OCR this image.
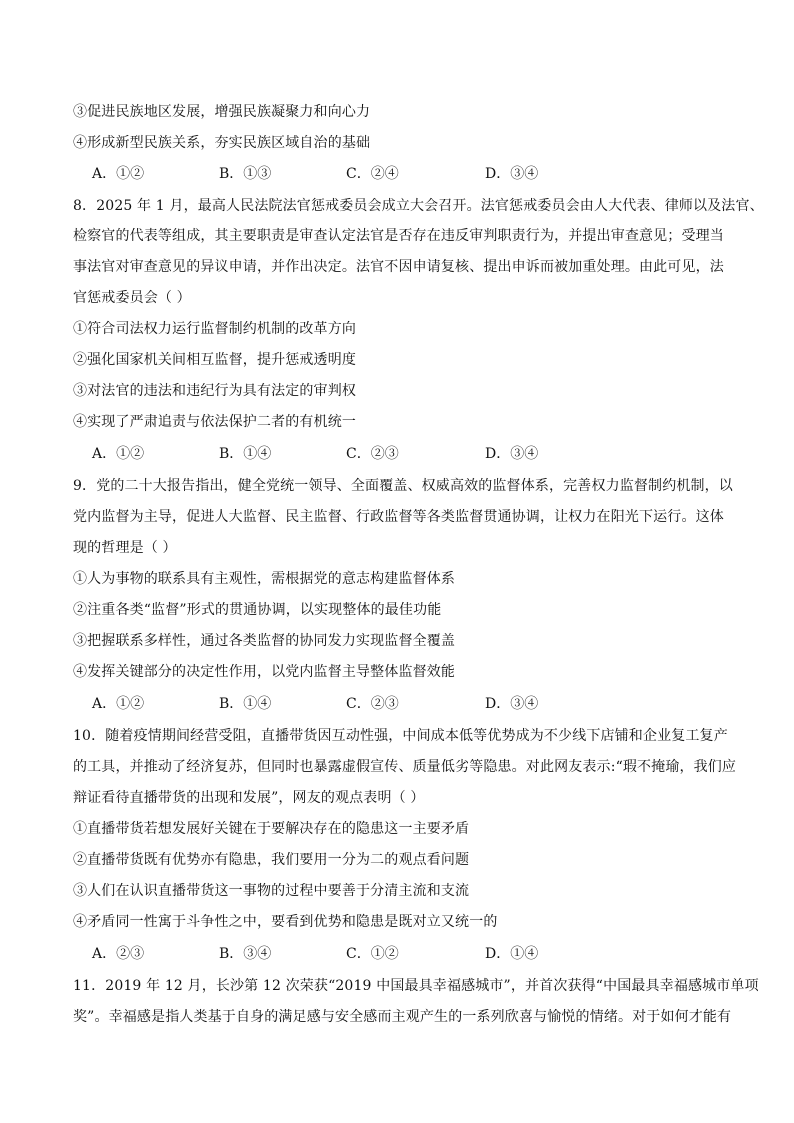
③促进民族地区发展，增强民族凝聚力和向心力
④形成新型民族关系，夯实民族区域自治的基础
A．①②	B．①③	C．②④	D．③④
8．2025 年 1 月，最高人民法院法官惩戒委员会成立大会召开。法官惩戒委员会由人大代表、律师以及法官、
检察官的代表等组成，其主要职责是审查认定法官是否存在违反审判职责行为，并提出审查意见；受理当
事法官对审查意见的异议申请，并作出决定。法官不因申请复核、提出申诉而被加重处理。由此可见，法
官惩戒委员会（ ）
①符合司法权力运行监督制约机制的改革方向
②强化国家机关间相互监督，提升惩戒透明度
③对法官的违法和违纪行为具有法定的审判权
④实现了严肃追责与依法保护二者的有机统一
A．①②	B．①④	C．②③	D．③④
9．党的二十大报告指出，健全党统一领导、全面覆盖、权威高效的监督体系，完善权力监督制约机制，以
党内监督为主导，促进人大监督、民主监督、行政监督等各类监督贯通协调，让权力在阳光下运行。这体
现的哲理是（ ）
①人为事物的联系具有主观性，需根据党的意志构建监督体系
②注重各类“监督”形式的贯通协调，以实现整体的最佳功能
③把握联系多样性，通过各类监督的协同发力实现监督全覆盖
④发挥关键部分的决定性作用，以党内监督主导整体监督效能
A．①②	B．①④	C．②③	D．③④
10．随着疫情期间经营受阻，直播带货因互动性强，中间成本低等优势成为不少线下店铺和企业复工复产
的工具，并推动了经济复苏，但同时也暴露虚假宣传、质量低劣等隐患。对此网友表示:“瑕不掩瑜，我们应
辩证看待直播带货的出现和发展”，网友的观点表明（ ）
①直播带货若想发展好关键在于要解决存在的隐患这一主要矛盾
②直播带货既有优势亦有隐患，我们要用一分为二的观点看问题
③人们在认识直播带货这一事物的过程中要善于分清主流和支流
④矛盾同一性寓于斗争性之中，要看到优势和隐患是既对立又统一的
A．②③	B．③④	C．①②	D．①④
11．2019 年 12 月，长沙第 12 次荣获“2019 中国最具幸福感城市”，并首次获得“中国最具幸福感城市单项
奖”。幸福感是指人类基于自身的满足感与安全感而主观产生的一系列欣喜与愉悦的情绪。对于如何才能有
